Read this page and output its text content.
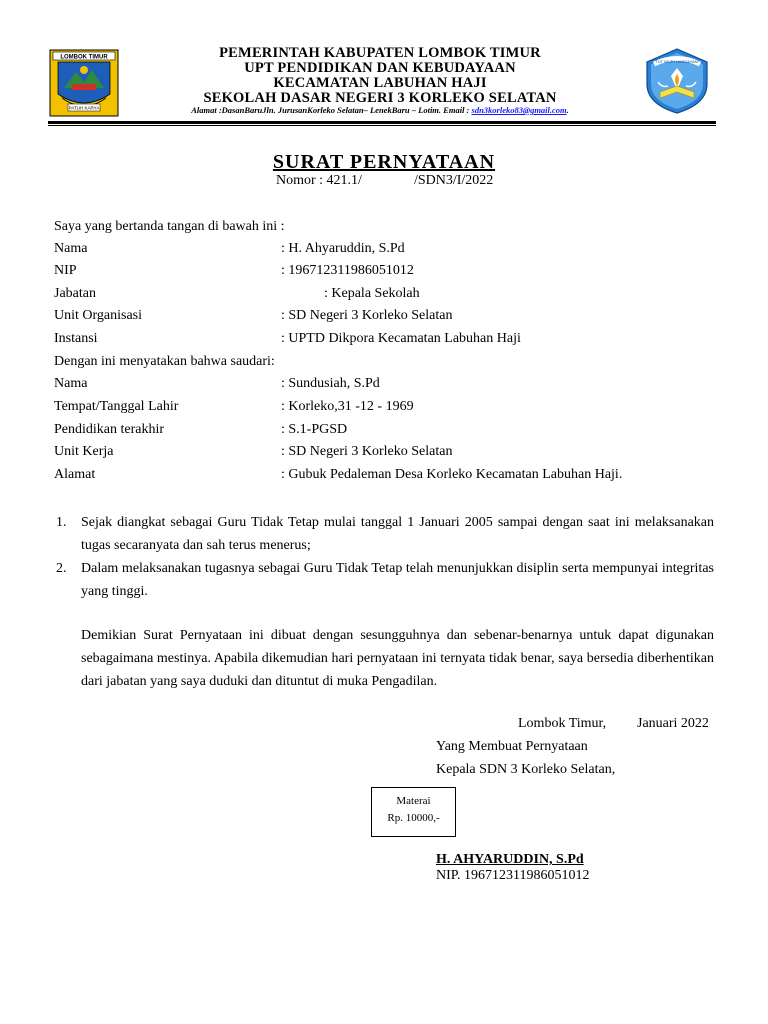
LOMBOK TIMUR
PATUH KARYA
PEMERINTAH KABUPATEN LOMBOK TIMUR
UPT PENDIDIKAN DAN KEBUDAYAAN
KECAMATAN LABUHAN HAJI
SEKOLAH DASAR NEGERI 3 KORLEKO SELATAN
Alamat :DasanBaruJln. JurusanKorleko Selatan– LenekBaru – Lotim. Email : sdn3korleko83@gmail.com.
TUT WURI HANDAYANI
SURAT PERNYATAAN
Nomor : 421.1/	/SDN3/I/2022
Saya yang bertanda tangan di bawah ini :
Nama	: H. Ahyaruddin, S.Pd
NIP	: 196712311986051012
Jabatan	: Kepala Sekolah
Unit Organisasi	: SD Negeri 3 Korleko Selatan
Instansi	: UPTD Dikpora Kecamatan Labuhan Haji
Dengan ini menyatakan bahwa saudari:
Nama	: Sundusiah, S.Pd
Tempat/Tanggal Lahir	: Korleko,31 -12 - 1969
Pendidikan terakhir	: S.1-PGSD
Unit Kerja	: SD Negeri 3 Korleko Selatan
Alamat	: Gubuk Pedaleman Desa Korleko Kecamatan Labuhan Haji.
1. Sejak diangkat sebagai Guru Tidak Tetap mulai tanggal 1 Januari 2005 sampai dengan saat ini melaksanakan tugas secaranyata dan sah terus menerus;
2. Dalam melaksanakan tugasnya sebagai Guru Tidak Tetap telah menunjukkan disiplin serta mempunyai integritas yang tinggi.
Demikian Surat Pernyataan ini dibuat dengan sesungguhnya dan sebenar-benarnya untuk dapat digunakan sebagaimana mestinya. Apabila dikemudian hari pernyataan ini ternyata tidak benar, saya bersedia diberhentikan dari jabatan yang saya duduki dan dituntut di muka Pengadilan.
Lombok Timur, Januari 2022
Yang Membuat Pernyataan
Kepala SDN 3 Korleko Selatan,
Materai
Rp. 10000,-
H. AHYARUDDIN, S.Pd
NIP. 196712311986051012
